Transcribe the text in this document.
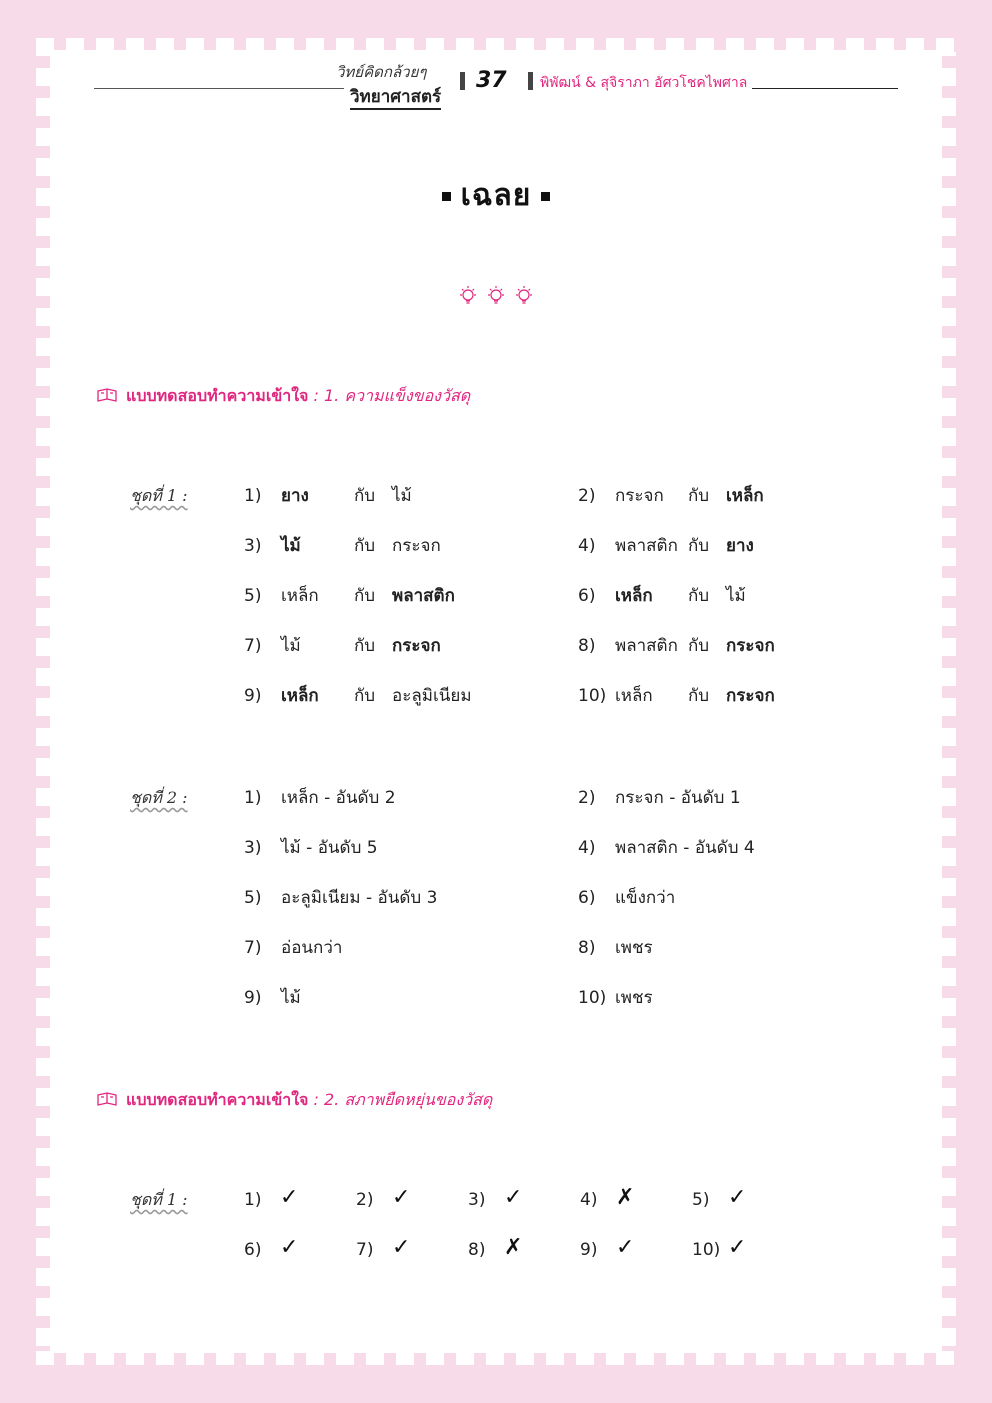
วิทย์คิดกล้วยๆ
วิทยาศาสตร์
37 พิพัฒน์ & สุจิราภา อัศวโชคไพศาล
เฉลย
แบบทดสอบทำความเข้าใจ : 1. ความแข็งของวัสดุ
ชุดที่ 1 :	1) ยาง	กับ ไม้	2) กระจก กับ เหล็ก
3) ไม้	กับ กระจก	4) พลาสติก กับ ยาง
5) เหล็ก กับ พลาสติก	6) เหล็ก กับ ไม้
7) ไม้	กับ กระจก	8) พลาสติก กับ กระจก
9) เหล็ก กับ อะลูมิเนียม	10) เหล็ก กับ กระจก
ชุดที่ 2 :	1) เหล็ก - อันดับ 2	2) กระจก - อันดับ 1
3) ไม้ - อันดับ 5	4) พลาสติก - อันดับ 4
5) อะลูมิเนียม - อันดับ 3	6) แข็งกว่า
7) อ่อนกว่า	8) เพชร
9) ไม้	10) เพชร
แบบทดสอบทำความเข้าใจ : 2. สภาพยืดหยุ่นของวัสดุ
ชุดที่ 1 :	1) ✓	2) ✓	3) ✓	4) ✗	5) ✓
6) ✓	7) ✓	8) ✗	9) ✓	10) ✓
